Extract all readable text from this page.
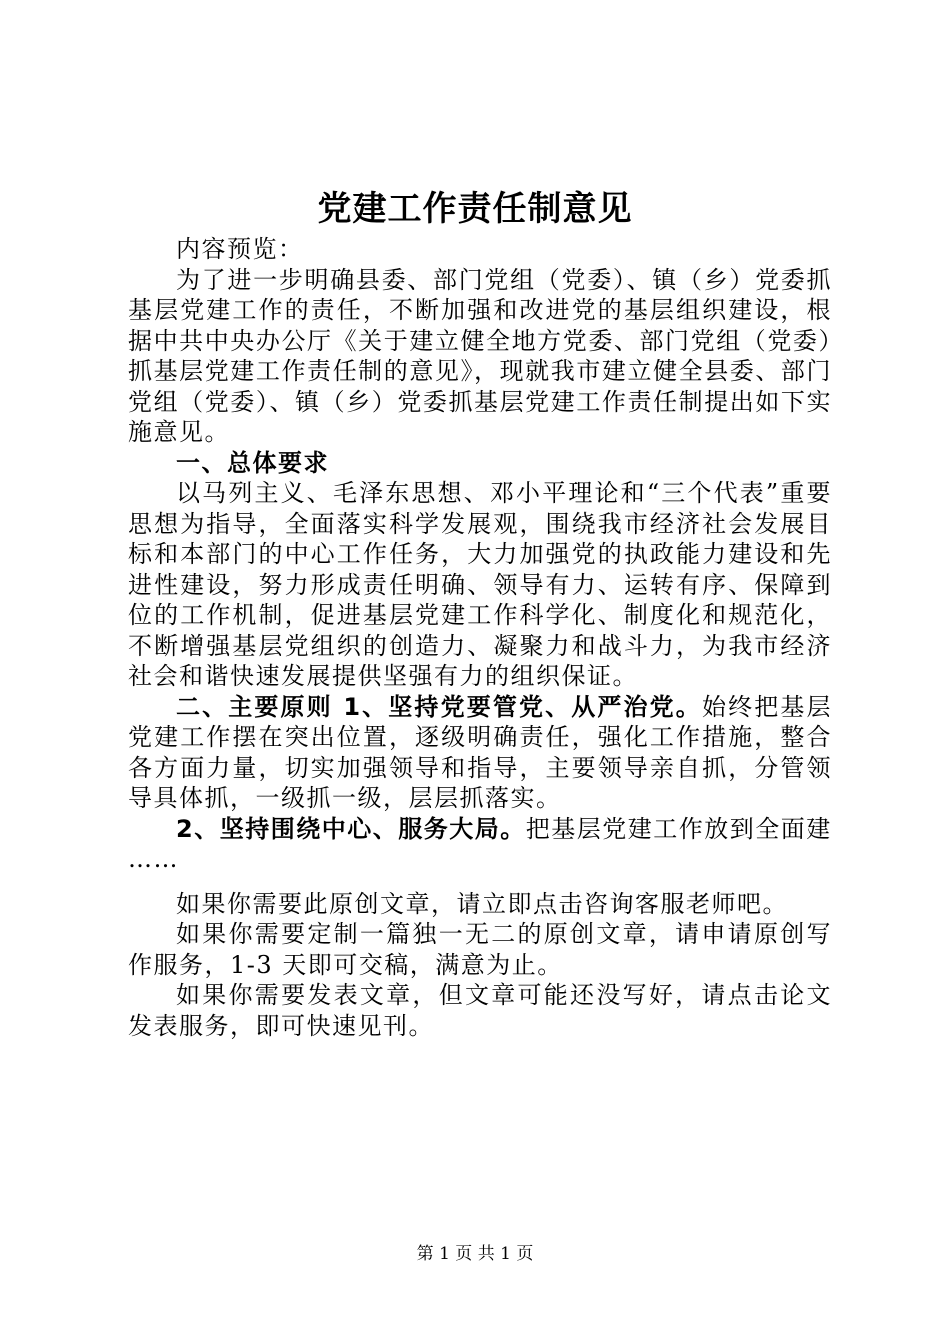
党建工作责任制意见

内容预览：

为了进一步明确县委、部门党组（党委）、镇（乡）党委抓基层党建工作的责任，不断加强和改进党的基层组织建设，根据中共中央办公厅《关于建立健全地方党委、部门党组（党委）抓基层党建工作责任制的意见》，现就我市建立健全县委、部门党组（党委）、镇（乡）党委抓基层党建工作责任制提出如下实施意见。

一、总体要求

以马列主义、毛泽东思想、邓小平理论和“三个代表”重要思想为指导，全面落实科学发展观，围绕我市经济社会发展目标和本部门的中心工作任务，大力加强党的执政能力建设和先进性建设，努力形成责任明确、领导有力、运转有序、保障到位的工作机制，促进基层党建工作科学化、制度化和规范化，不断增强基层党组织的创造力、凝聚力和战斗力，为我市经济社会和谐快速发展提供坚强有力的组织保证。

二、主要原则 1、坚持党要管党、从严治党。始终把基层党建工作摆在突出位置，逐级明确责任，强化工作措施，整合各方面力量，切实加强领导和指导，主要领导亲自抓，分管领导具体抓，一级抓一级，层层抓落实。

2、坚持围绕中心、服务大局。把基层党建工作放到全面建

……

如果你需要此原创文章，请立即点击咨询客服老师吧。

如果你需要定制一篇独一无二的原创文章，请申请原创写作服务，1-3 天即可交稿，满意为止。

如果你需要发表文章，但文章可能还没写好，请点击论文发表服务，即可快速见刊。

第 1 页 共 1 页
